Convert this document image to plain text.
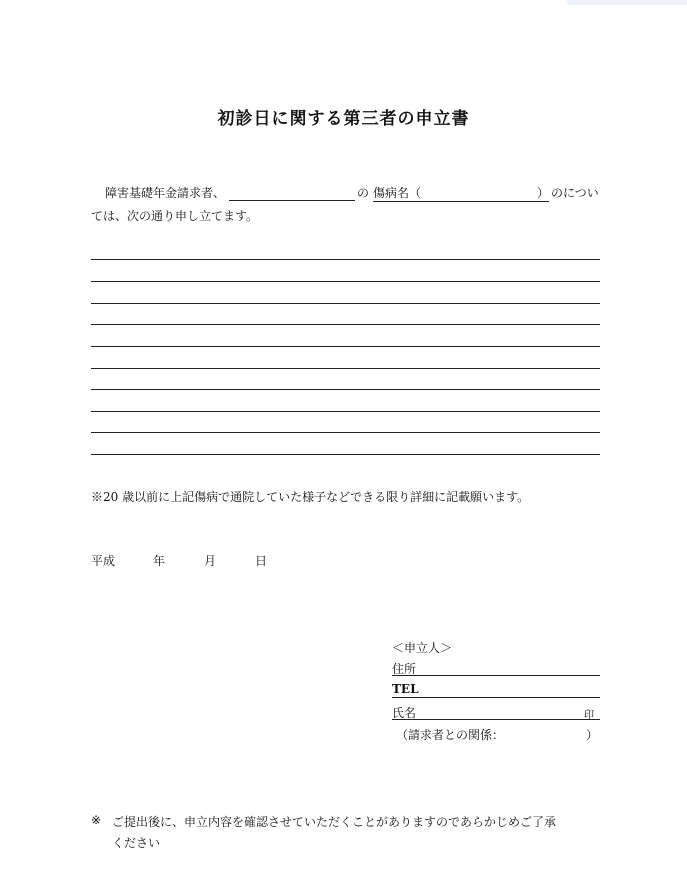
初診日に関する第三者の申立書
障害基礎年金請求者、	の 傷病名（	） のについ
ては、次の通り申し立てます。
※20 歳以前に上記傷病で通院していた様子などできる限り詳細に記載願います。
平成	年	月	日
＜申立人＞
住所
TEL
氏名	印
（請求者との関係：	）
※ ご提出後に、申立内容を確認させていただくことがありますのであらかじめご了承
ください
